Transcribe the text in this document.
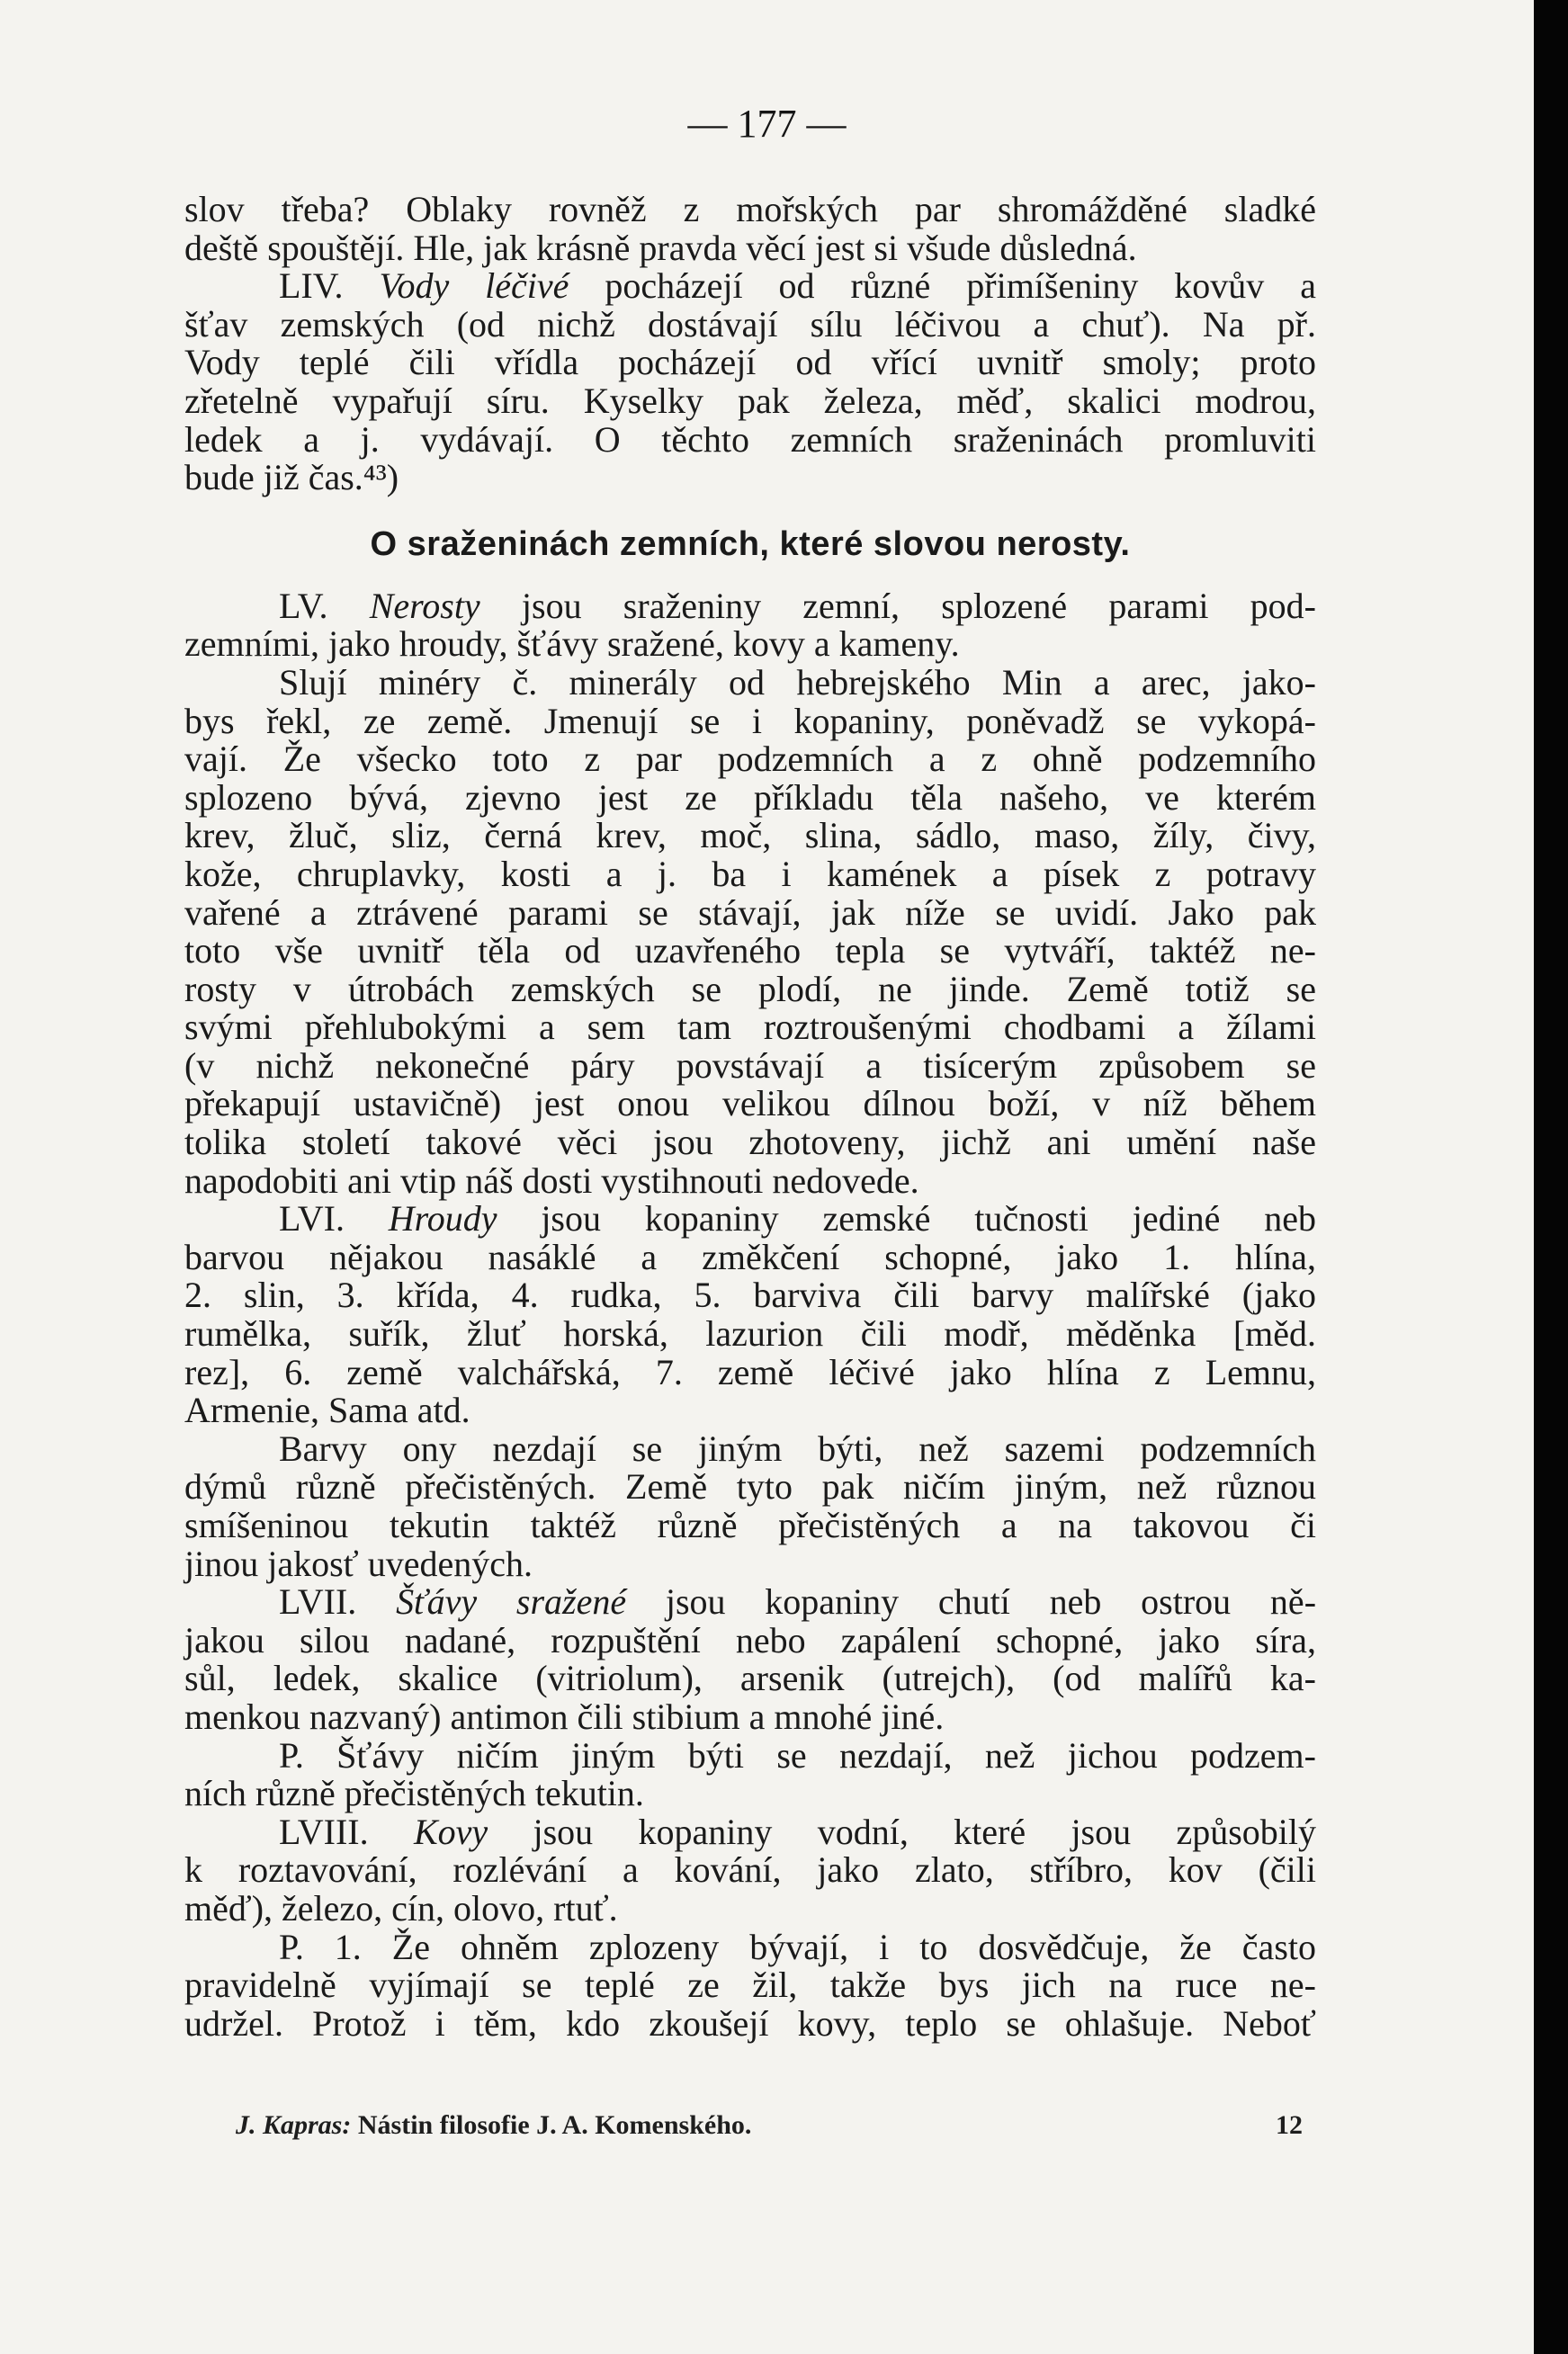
— 177 —
slov třeba? Oblaky rovněž z mořských par shromážděné sladké
deště spouštějí. Hle, jak krásně pravda věcí jest si všude důsledná.
LIV. Vody léčivé pocházejí od různé přimíšeniny kovův a
šťav zemských (od nichž dostávají sílu léčivou a chuť). Na př.
Vody teplé čili vřídla pocházejí od vřící uvnitř smoly; proto
zřetelně vypařují síru. Kyselky pak železa, měď, skalici modrou,
ledek a j. vydávají. O těchto zemních sraženinách promluviti
bude již čas.⁴³)
O sraženinách zemních, které slovou nerosty.
LV. Nerosty jsou sraženiny zemní, splozené parami pod-
zemními, jako hroudy, šťávy sražené, kovy a kameny.
Slují minéry č. minerály od hebrejského Min a arec, jako-
bys řekl, ze země. Jmenují se i kopaniny, poněvadž se vykopá-
vají. Že všecko toto z par podzemních a z ohně podzemního
splozeno bývá, zjevno jest ze příkladu těla našeho, ve kterém
krev, žluč, sliz, černá krev, moč, slina, sádlo, maso, žíly, čivy,
kože, chruplavky, kosti a j. ba i kamének a písek z potravy
vařené a ztrávené parami se stávají, jak níže se uvidí. Jako pak
toto vše uvnitř těla od uzavřeného tepla se vytváří, taktéž ne-
rosty v útrobách zemských se plodí, ne jinde. Země totiž se
svými přehlubokými a sem tam roztroušenými chodbami a žílami
(v nichž nekonečné páry povstávají a tisícerým způsobem se
překapují ustavičně) jest onou velikou dílnou boží, v níž během
tolika století takové věci jsou zhotoveny, jichž ani umění naše
napodobiti ani vtip náš dosti vystihnouti nedovede.
LVI. Hroudy jsou kopaniny zemské tučnosti jediné neb
barvou nějakou nasáklé a změkčení schopné, jako 1. hlína,
2. slin, 3. křída, 4. rudka, 5. barviva čili barvy malířské (jako
rumělka, suřík, žluť horská, lazurion čili modř, měděnka [měd.
rez], 6. země valchářská, 7. země léčivé jako hlína z Lemnu,
Armenie, Sama atd.
Barvy ony nezdají se jiným býti, než sazemi podzemních
dýmů různě přečistěných. Země tyto pak ničím jiným, než různou
smíšeninou tekutin taktéž různě přečistěných a na takovou či
jinou jakosť uvedených.
LVII. Šťávy sražené jsou kopaniny chutí neb ostrou ně-
jakou silou nadané, rozpuštění nebo zapálení schopné, jako síra,
sůl, ledek, skalice (vitriolum), arsenik (utrejch), (od malířů ka-
menkou nazvaný) antimon čili stibium a mnohé jiné.
P. Šťávy ničím jiným býti se nezdají, než jichou podzem-
ních různě přečistěných tekutin.
LVIII. Kovy jsou kopaniny vodní, které jsou způsobilý
k roztavování, rozlévání a kování, jako zlato, stříbro, kov (čili
měď), železo, cín, olovo, rtuť.
P. 1. Že ohněm zplozeny bývají, i to dosvědčuje, že často
pravidelně vyjímají se teplé ze žil, takže bys jich na ruce ne-
udržel. Protož i těm, kdo zkoušejí kovy, teplo se ohlašuje. Neboť
J. Kapras: Nástin filosofie J. A. Komenského.	12
